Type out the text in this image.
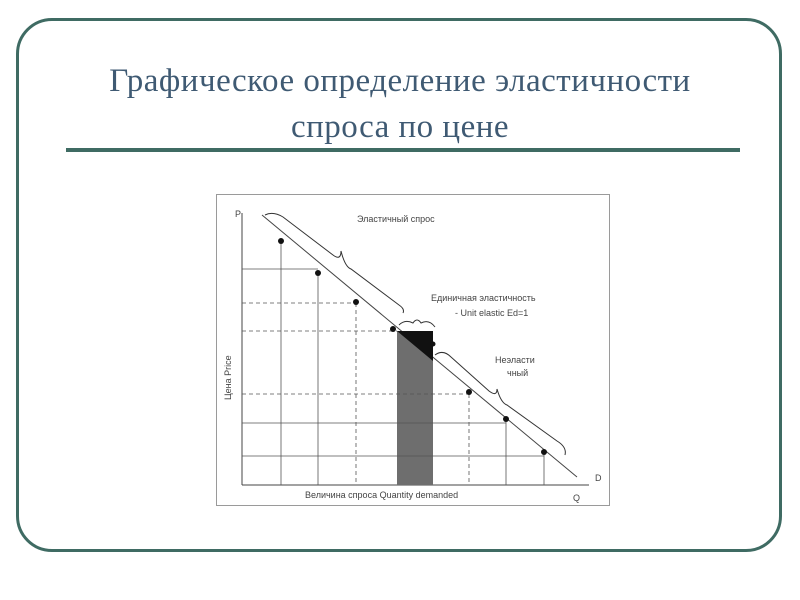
Графическое определение эластичности
спроса по цене
P
Q
D
Цена Price
Величина спроса Quantity demanded
Эластичный спрос
Единичная эластичность
- Unit elastic Ed=1
Неэласти
чный
